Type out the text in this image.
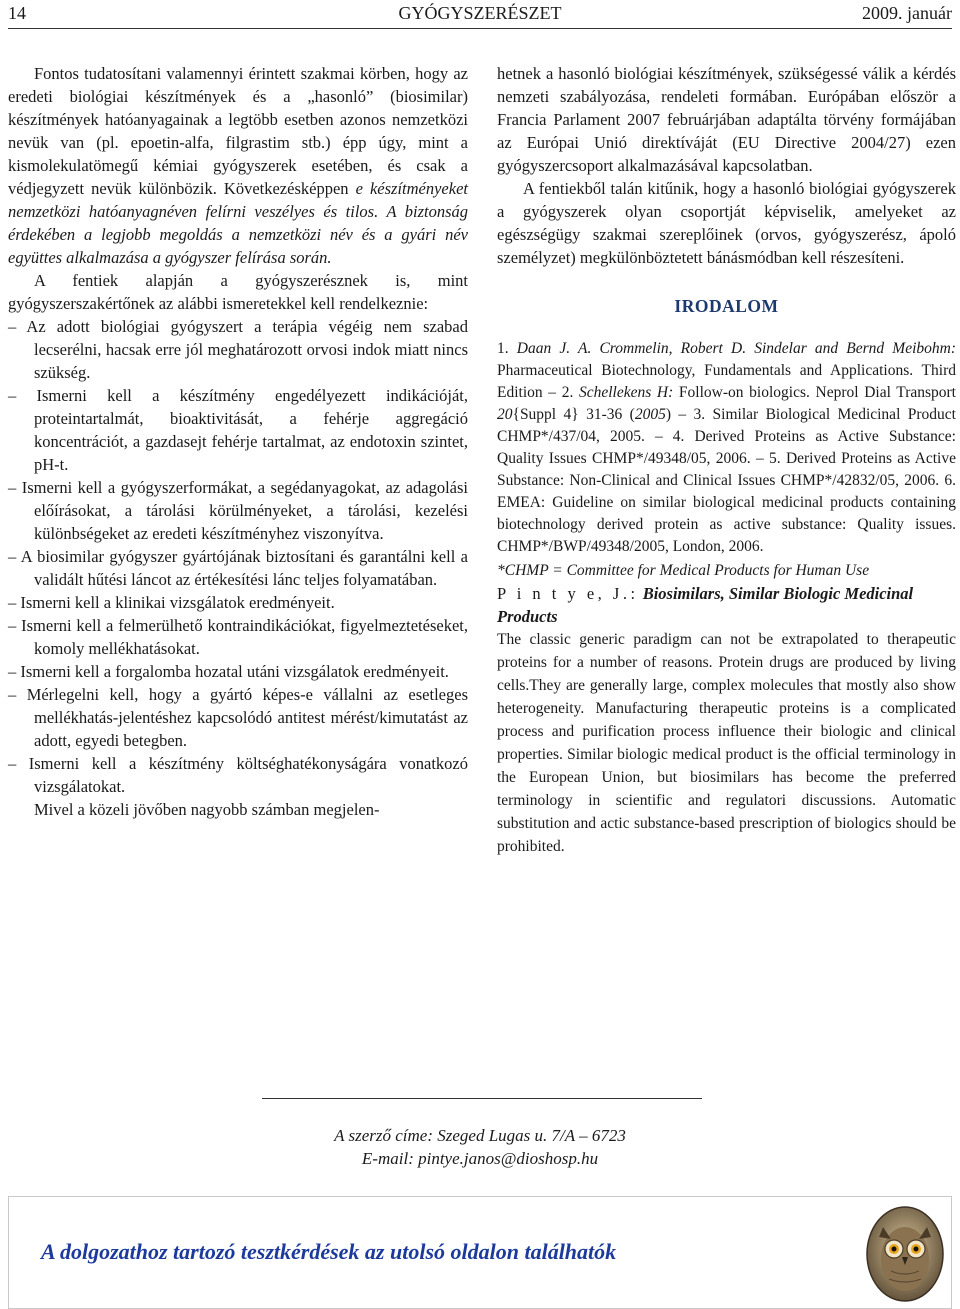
14	GYÓGYSZERÉSZET	2009. január

Fontos tudatosítani valamennyi érintett szakmai körben, hogy az eredeti biológiai készítmények és a „hasonló” (biosimilar) készítmények hatóanyagainak a legtöbb esetben azonos nemzetközi nevük van (pl. epoetin-alfa, filgrastim stb.) épp úgy, mint a kismolekulatömegű kémiai gyógyszerek esetében, és csak a védjegyzett nevük különbözik. Következésképpen e készítményeket nemzetközi hatóanyagnéven felírni veszélyes és tilos. A biztonság érdekében a legjobb megoldás a nemzetközi név és a gyári név együttes alkalmazása a gyógyszer felírása során.

A fentiek alapján a gyógyszerésznek is, mint gyógyszerszakértőnek az alábbi ismeretekkel kell rendelkeznie:

– Az adott biológiai gyógyszert a terápia végéig nem szabad lecserélni, hacsak erre jól meghatározott orvosi indok miatt nincs szükség.

– Ismerni kell a készítmény engedélyezett indikációját, proteintartalmát, bioaktivitását, a fehérje aggregáció koncentrációt, a gazdasejt fehérje tartalmat, az endotoxin szintet, pH-t.

– Ismerni kell a gyógyszerformákat, a segédanyagokat, az adagolási előírásokat, a tárolási körülményeket, a tárolási, kezelési különbségeket az eredeti készítményhez viszonyítva.

– A biosimilar gyógyszer gyártójának biztosítani és garantálni kell a validált hűtési láncot az értékesítési lánc teljes folyamatában.

– Ismerni kell a klinikai vizsgálatok eredményeit.

– Ismerni kell a felmerülhető kontraindikációkat, figyelmeztetéseket, komoly mellékhatásokat.

– Ismerni kell a forgalomba hozatal utáni vizsgálatok eredményeit.

– Mérlegelni kell, hogy a gyártó képes-e vállalni az esetleges mellékhatás-jelentéshez kapcsolódó antitest mérést/kimutatást az adott, egyedi betegben.

– Ismerni kell a készítmény költséghatékonyságára vonatkozó vizsgálatokat.

Mivel a közeli jövőben nagyobb számban megjelen-

hetnek a hasonló biológiai készítmények, szükségessé válik a kérdés nemzeti szabályozása, rendeleti formában. Európában először a Francia Parlament 2007 februárjában adaptálta törvény formájában az Európai Unió direktíváját (EU Directive 2004/27) ezen gyógyszercsoport alkalmazásával kapcsolatban.

A fentiekből talán kitűnik, hogy a hasonló biológiai gyógyszerek a gyógyszerek olyan csoportját képviselik, amelyeket az egészségügy szakmai szereplőinek (orvos, gyógyszerész, ápoló személyzet) megkülönböztetett bánásmódban kell részesíteni.

IRODALOM

1. Daan J. A. Crommelin, Robert D. Sindelar and Bernd Meibohm: Pharmaceutical Biotechnology, Fundamentals and Applications. Third Edition – 2. Schellekens H: Follow-on biologics. Neprol Dial Transport 20{Suppl 4} 31-36 (2005) – 3. Similar Biological Medicinal Product CHMP*/437/04, 2005. – 4. Derived Proteins as Active Substance: Quality Issues CHMP*/49348/05, 2006. – 5. Derived Proteins as Active Substance: Non-Clinical and Clinical Issues CHMP*/42832/05, 2006. 6. EMEA: Guideline on similar biological medicinal products containing biotechnology derived protein as active substance: Quality issues. CHMP*/BWP/49348/2005, London, 2006.

*CHMP = Committee for Medical Products for Human Use

P i n t y e, J.: Biosimilars, Similar Biologic Medicinal Products

The classic generic paradigm can not be extrapolated to therapeutic proteins for a number of reasons. Protein drugs are produced by living cells.They are generally large, complex molecules that mostly also show heterogeneity. Manufacturing therapeutic proteins is a complicated process and purification process influence their biologic and clinical properties. Similar biologic medical product is the official terminology in the European Union, but biosimilars has become the preferred terminology in scientific and regulatori discussions. Automatic substitution and actic substance-based prescription of biologics should be prohibited.

A szerző címe: Szeged Lugas u. 7/A – 6723
E-mail: pintye.janos@dioshosp.hu
A dolgozathoz tartozó tesztkérdések az utolsó oldalon találhatók
